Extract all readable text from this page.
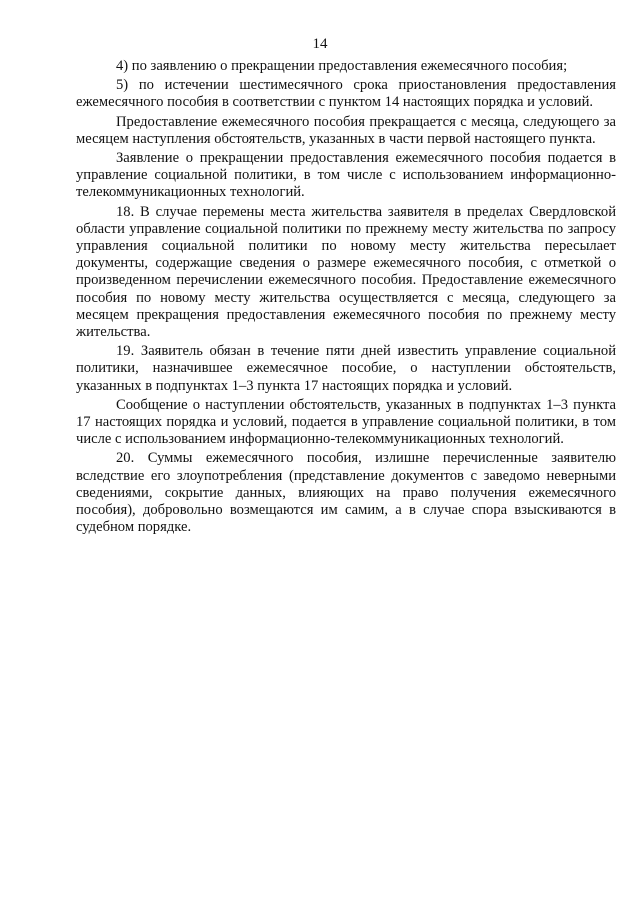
14

4) по заявлению о прекращении предоставления ежемесячного пособия;

5) по истечении шестимесячного срока приостановления предоставления ежемесячного пособия в соответствии с пунктом 14 настоящих порядка и условий.

Предоставление ежемесячного пособия прекращается с месяца, следующего за месяцем наступления обстоятельств, указанных в части первой настоящего пункта.

Заявление о прекращении предоставления ежемесячного пособия подается в управление социальной политики, в том числе с использованием информационно-телекоммуникационных технологий.

18. В случае перемены места жительства заявителя в пределах Свердловской области управление социальной политики по прежнему месту жительства по запросу управления социальной политики по новому месту жительства пересылает документы, содержащие сведения о размере ежемесячного пособия, с отметкой о произведенном перечислении ежемесячного пособия. Предоставление ежемесячного пособия по новому месту жительства осуществляется с месяца, следующего за месяцем прекращения предоставления ежемесячного пособия по прежнему месту жительства.

19. Заявитель обязан в течение пяти дней известить управление социальной политики, назначившее ежемесячное пособие, о наступлении обстоятельств, указанных в подпунктах 1–3 пункта 17 настоящих порядка и условий.

Сообщение о наступлении обстоятельств, указанных в подпунктах 1–3 пункта 17 настоящих порядка и условий, подается в управление социальной политики, в том числе с использованием информационно-телекоммуникационных технологий.

20. Суммы ежемесячного пособия, излишне перечисленные заявителю вследствие его злоупотребления (представление документов с заведомо неверными сведениями, сокрытие данных, влияющих на право получения ежемесячного пособия), добровольно возмещаются им самим, а в случае спора взыскиваются в судебном порядке.
